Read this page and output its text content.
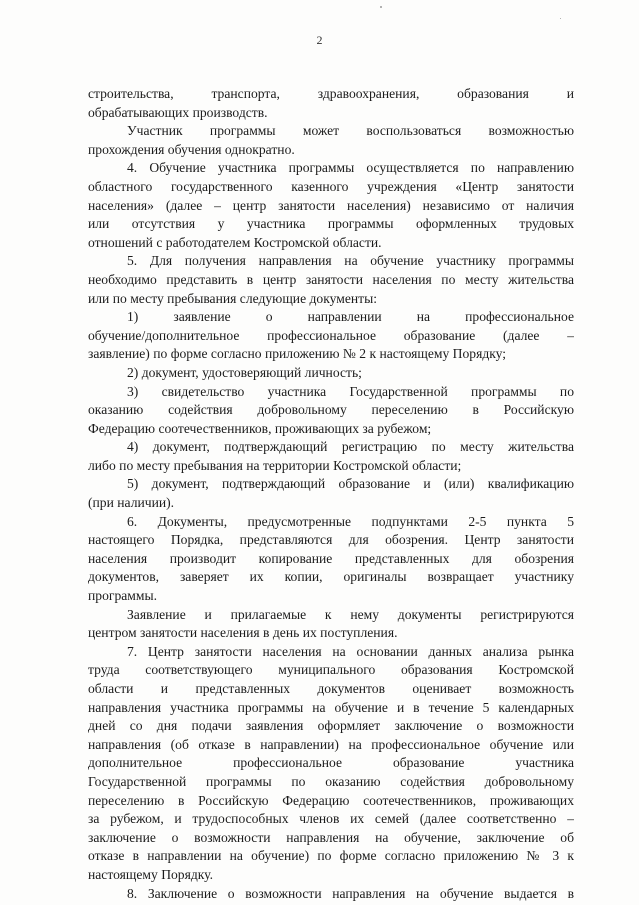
2
строительства, транспорта, здравоохранения, образования и
обрабатывающих производств.
Участник программы может воспользоваться возможностью
прохождения обучения однократно.
4. Обучение участника программы осуществляется по направлению
областного государственного казенного учреждения «Центр занятости
населения» (далее – центр занятости населения) независимо от наличия
или отсутствия у участника программы оформленных трудовых
отношений с работодателем Костромской области.
5. Для получения направления на обучение участнику программы
необходимо представить в центр занятости населения по месту жительства
или по месту пребывания следующие документы:
1) заявление о направлении на профессиональное
обучение/дополнительное профессиональное образование (далее –
заявление) по форме согласно приложению № 2 к настоящему Порядку;
2) документ, удостоверяющий личность;
3) свидетельство участника Государственной программы по
оказанию содействия добровольному переселению в Российскую
Федерацию соотечественников, проживающих за рубежом;
4) документ, подтверждающий регистрацию по месту жительства
либо по месту пребывания на территории Костромской области;
5) документ, подтверждающий образование и (или) квалификацию
(при наличии).
6. Документы, предусмотренные подпунктами 2-5 пункта 5
настоящего Порядка, представляются для обозрения. Центр занятости
населения производит копирование представленных для обозрения
документов, заверяет их копии, оригиналы возвращает участнику
программы.
Заявление и прилагаемые к нему документы регистрируются
центром занятости населения в день их поступления.
7. Центр занятости населения на основании данных анализа рынка
труда соответствующего муниципального образования Костромской
области и представленных документов оценивает возможность
направления участника программы на обучение и в течение 5 календарных
дней со дня подачи заявления оформляет заключение о возможности
направления (об отказе в направлении) на профессиональное обучение или
дополнительное профессиональное образование участника
Государственной программы по оказанию содействия добровольному
переселению в Российскую Федерацию соотечественников, проживающих
за рубежом, и трудоспособных членов их семей (далее соответственно –
заключение о возможности направления на обучение, заключение об
отказе в направлении на обучение) по форме согласно приложению № 3 к
настоящему Порядку.
8. Заключение о возможности направления на обучение выдается в
